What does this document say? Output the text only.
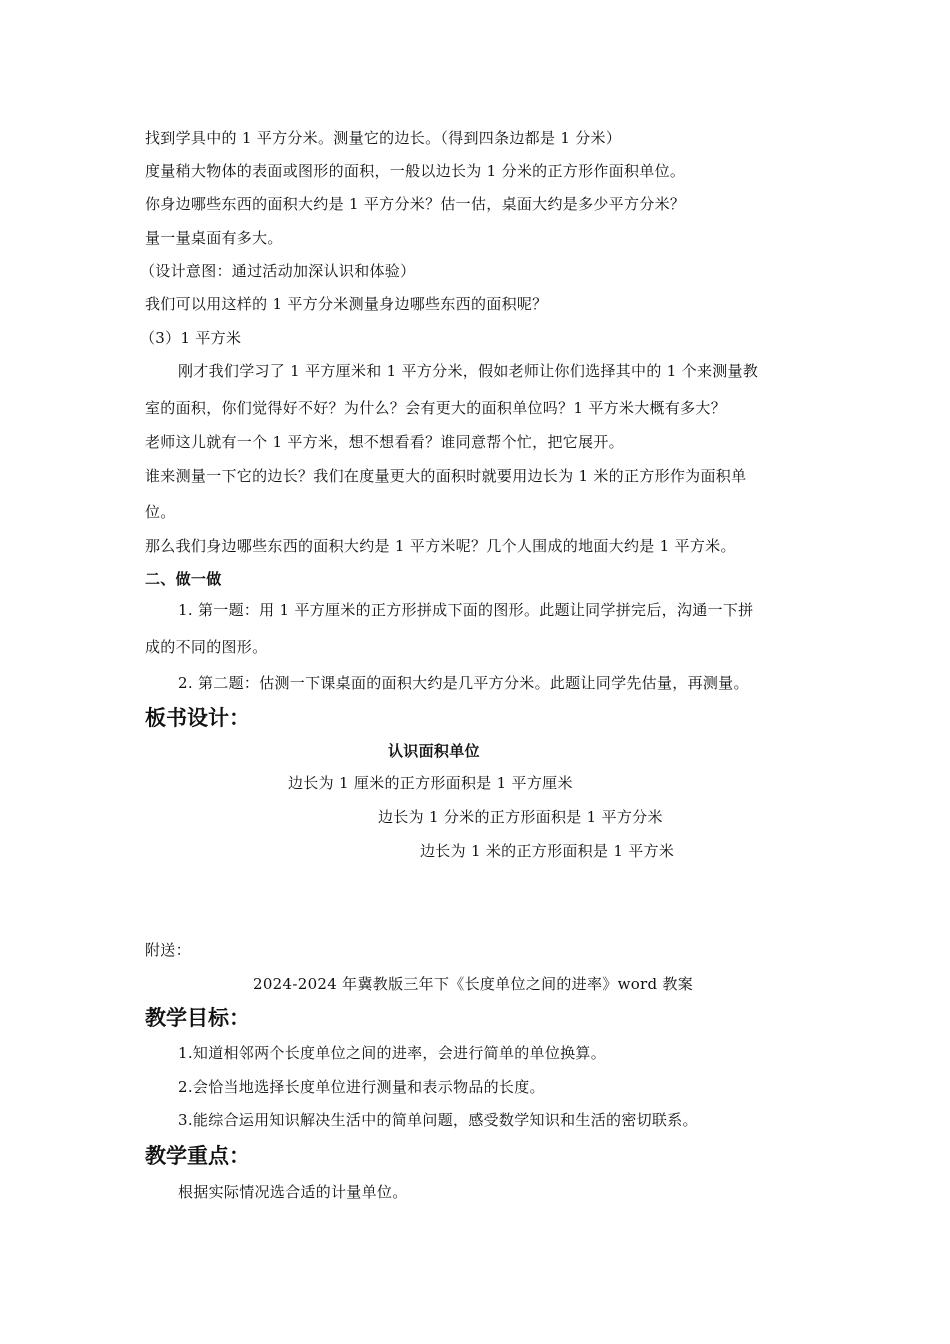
找到学具中的 1 平方分米。测量它的边长。（得到四条边都是 1 分米）
度量稍大物体的表面或图形的面积，一般以边长为 1 分米的正方形作面积单位。
你身边哪些东西的面积大约是 1 平方分米？估一估，桌面大约是多少平方分米？
量一量桌面有多大。
（设计意图：通过活动加深认识和体验）
我们可以用这样的 1 平方分米测量身边哪些东西的面积呢？
（3）1 平方米
刚才我们学习了 1 平方厘米和 1 平方分米，假如老师让你们选择其中的 1 个来测量教
室的面积，你们觉得好不好？为什么？会有更大的面积单位吗？1 平方米大概有多大？
老师这儿就有一个 1 平方米，想不想看看？谁同意帮个忙，把它展开。
谁来测量一下它的边长？我们在度量更大的面积时就要用边长为 1 米的正方形作为面积单
位。
那么我们身边哪些东西的面积大约是 1 平方米呢？几个人围成的地面大约是 1 平方米。
二、做一做
1. 第一题：用 1 平方厘米的正方形拼成下面的图形。此题让同学拼完后，沟通一下拼
成的不同的图形。
2. 第二题：估测一下课桌面的面积大约是几平方分米。此题让同学先估量，再测量。
板书设计：
认识面积单位
边长为 1 厘米的正方形面积是 1 平方厘米
边长为 1 分米的正方形面积是 1 平方分米
边长为 1 米的正方形面积是 1 平方米
附送：
2024-2024 年冀教版三年下《长度单位之间的进率》word 教案
教学目标：
1.知道相邻两个长度单位之间的进率，会进行简单的单位换算。
2.会恰当地选择长度单位进行测量和表示物品的长度。
3.能综合运用知识解决生活中的简单问题，感受数学知识和生活的密切联系。
教学重点：
根据实际情况选合适的计量单位。
